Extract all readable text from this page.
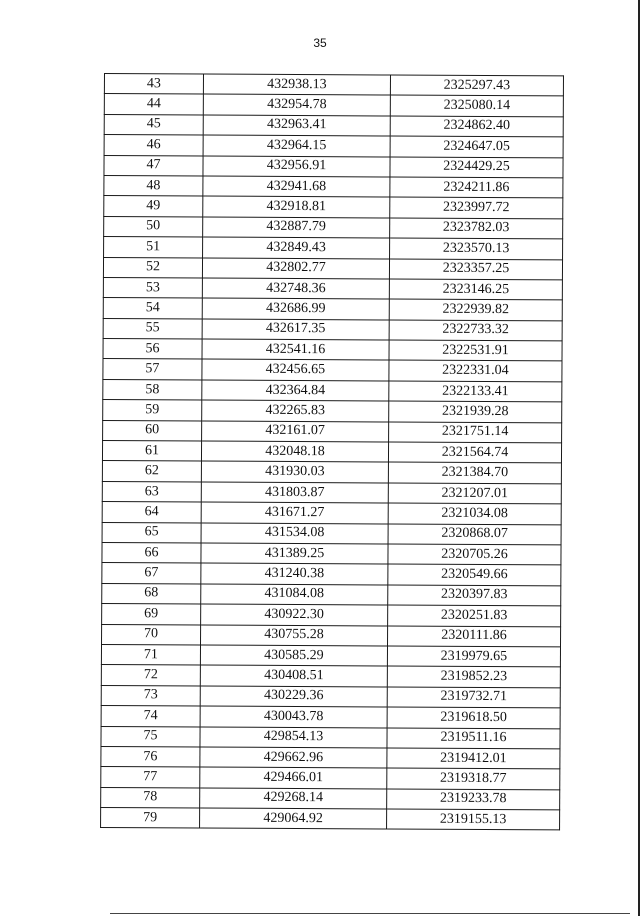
35
43	432938.13	2325297.43
44	432954.78	2325080.14
45	432963.41	2324862.40
46	432964.15	2324647.05
47	432956.91	2324429.25
48	432941.68	2324211.86
49	432918.81	2323997.72
50	432887.79	2323782.03
51	432849.43	2323570.13
52	432802.77	2323357.25
53	432748.36	2323146.25
54	432686.99	2322939.82
55	432617.35	2322733.32
56	432541.16	2322531.91
57	432456.65	2322331.04
58	432364.84	2322133.41
59	432265.83	2321939.28
60	432161.07	2321751.14
61	432048.18	2321564.74
62	431930.03	2321384.70
63	431803.87	2321207.01
64	431671.27	2321034.08
65	431534.08	2320868.07
66	431389.25	2320705.26
67	431240.38	2320549.66
68	431084.08	2320397.83
69	430922.30	2320251.83
70	430755.28	2320111.86
71	430585.29	2319979.65
72	430408.51	2319852.23
73	430229.36	2319732.71
74	430043.78	2319618.50
75	429854.13	2319511.16
76	429662.96	2319412.01
77	429466.01	2319318.77
78	429268.14	2319233.78
79	429064.92	2319155.13
